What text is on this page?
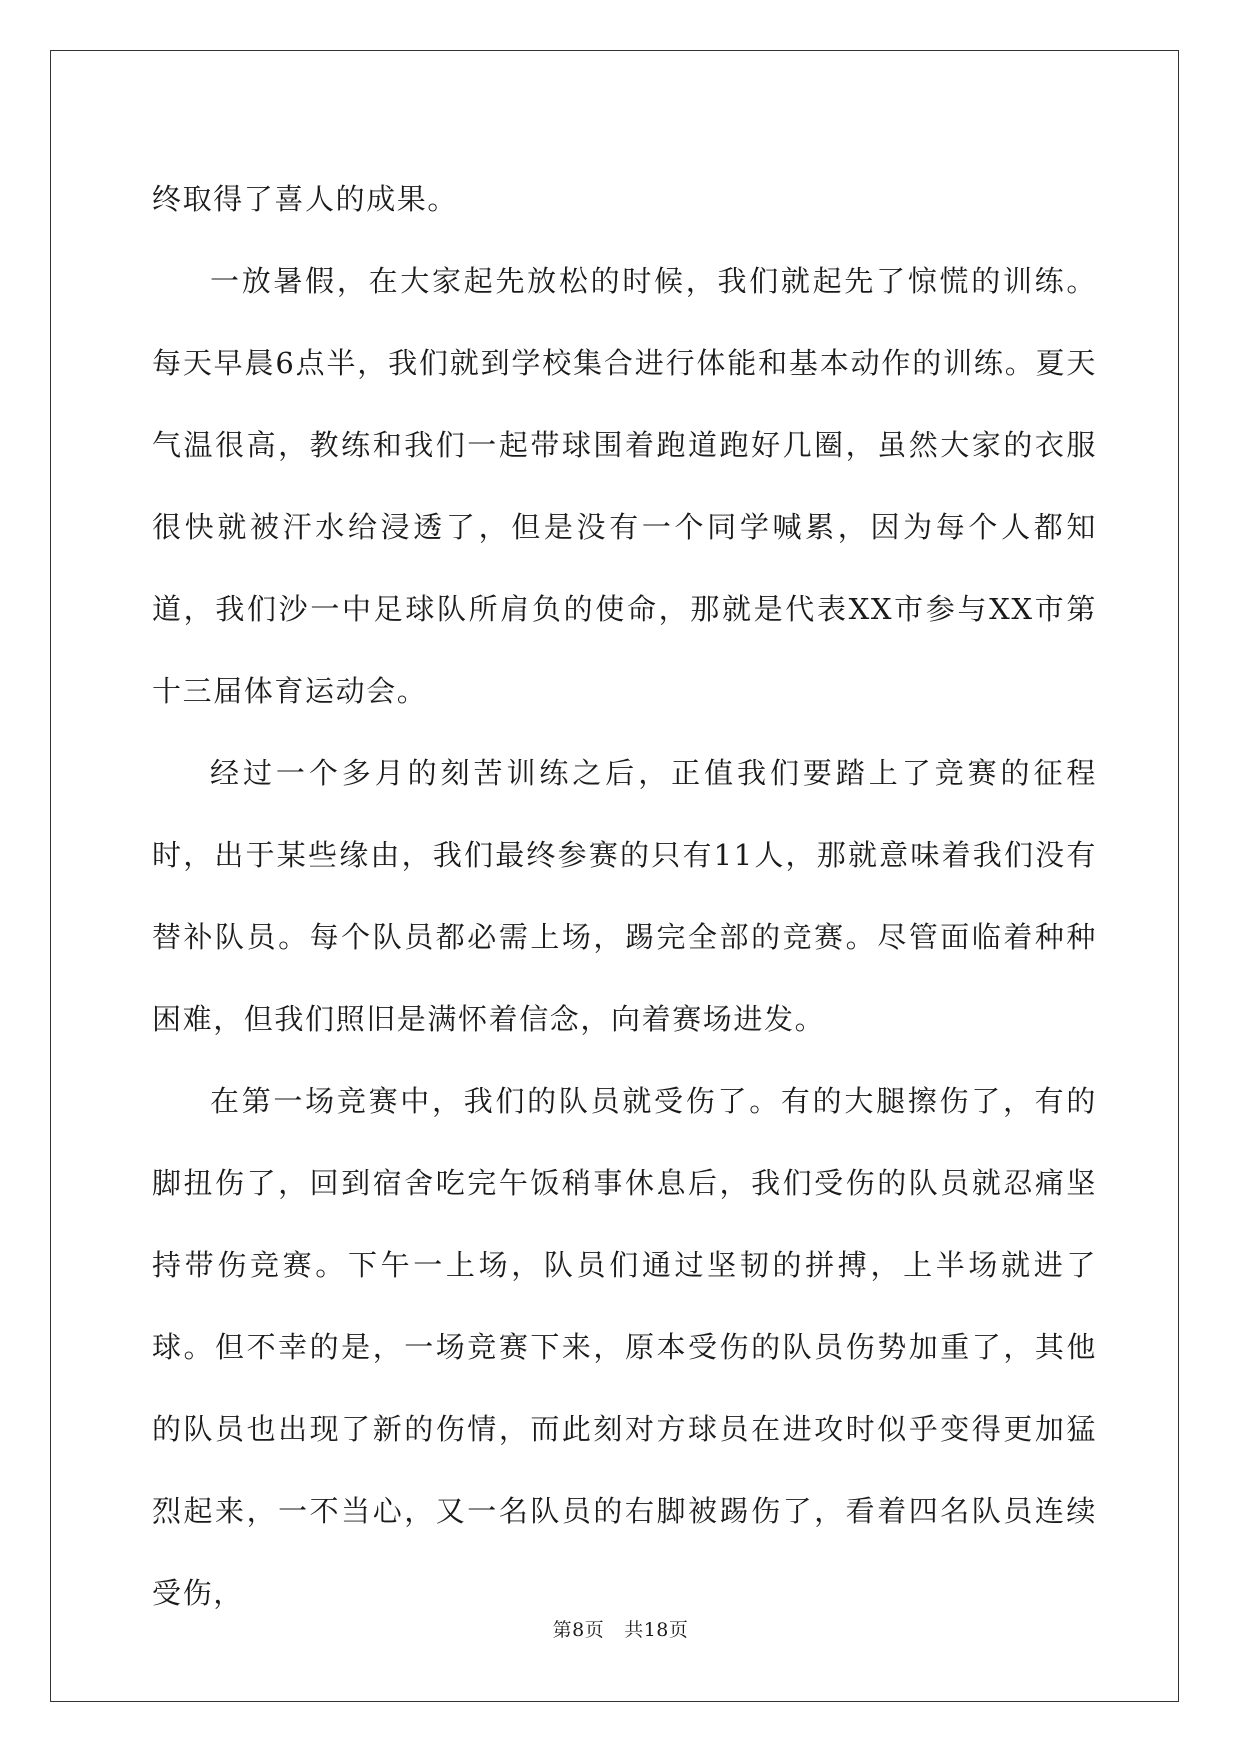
终取得了喜人的成果。

一放暑假，在大家起先放松的时候，我们就起先了惊慌的训练。每天早晨6点半，我们就到学校集合进行体能和基本动作的训练。夏天气温很高，教练和我们一起带球围着跑道跑好几圈，虽然大家的衣服很快就被汗水给浸透了，但是没有一个同学喊累，因为每个人都知道，我们沙一中足球队所肩负的使命，那就是代表XX市参与XX市第十三届体育运动会。

经过一个多月的刻苦训练之后，正值我们要踏上了竞赛的征程时，出于某些缘由，我们最终参赛的只有11人，那就意味着我们没有替补队员。每个队员都必需上场，踢完全部的竞赛。尽管面临着种种困难，但我们照旧是满怀着信念，向着赛场进发。

在第一场竞赛中，我们的队员就受伤了。有的大腿擦伤了，有的脚扭伤了，回到宿舍吃完午饭稍事休息后，我们受伤的队员就忍痛坚持带伤竞赛。下午一上场，队员们通过坚韧的拼搏，上半场就进了球。但不幸的是，一场竞赛下来，原本受伤的队员伤势加重了，其他的队员也出现了新的伤情，而此刻对方球员在进攻时似乎变得更加猛烈起来，一不当心，又一名队员的右脚被踢伤了，看着四名队员连续受伤，

第8页 共18页
